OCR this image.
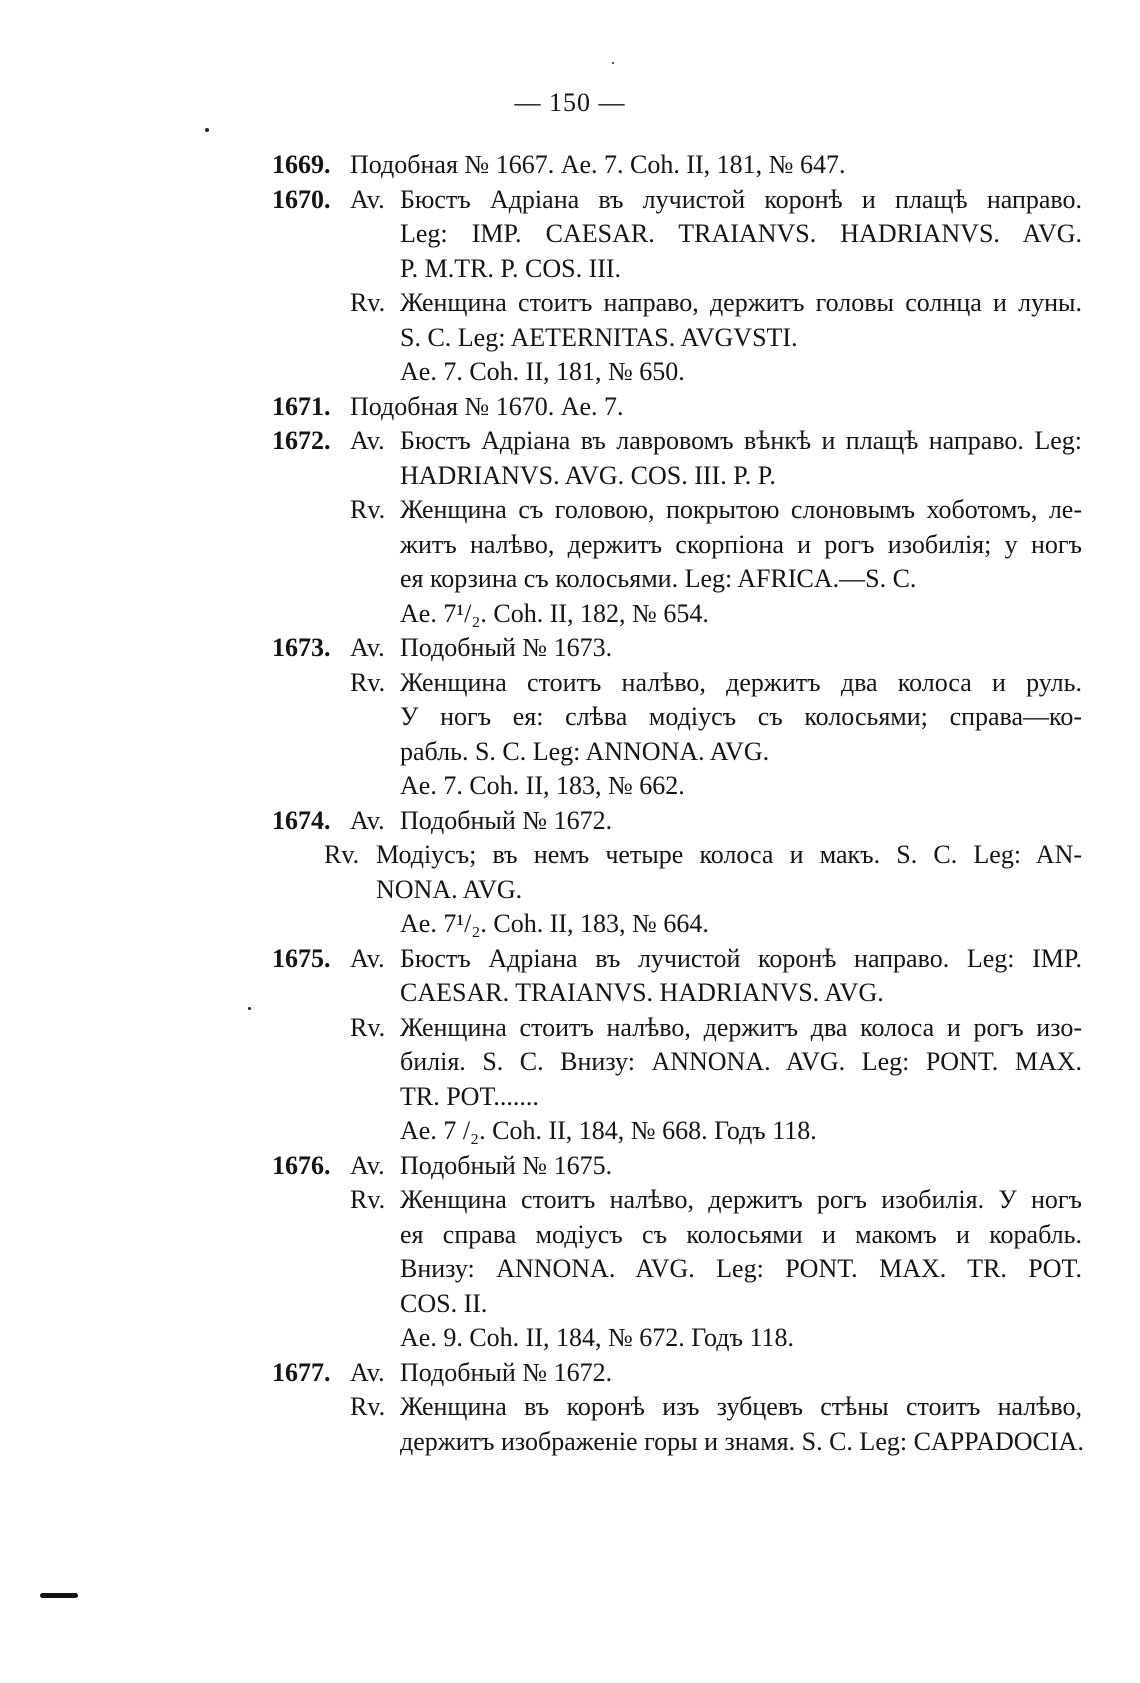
— 150 —
1669. Подобная № 1667. Ae. 7. Coh. II, 181, № 647.
1670. Av. Бюстъ Адріана въ лучистой коронѣ и плащѣ направо.
Leg: IMP. CAESAR. TRAIANVS. HADRIANVS. AVG.
P. M.TR. P. COS. III.
Rv. Женщина стоитъ направо, держитъ головы солнца и луны.
S. C. Leg: AETERNITAS. AVGVSTI.
Ae. 7. Coh. II, 181, № 650.
1671. Подобная № 1670. Ae. 7.
1672. Av. Бюстъ Адріана въ лавровомъ вѣнкѣ и плащѣ направо. Leg:
HADRIANVS. AVG. COS. III. P. P.
Rv. Женщина съ головою, покрытою слоновымъ хоботомъ, ле-
житъ налѣво, держитъ скорпіона и рогъ изобилія; у ногъ
ея корзина съ колосьями. Leg: AFRICA.—S. C.
Ae. 7¹/₂. Coh. II, 182, № 654.
1673. Av. Подобный № 1673.
Rv. Женщина стоитъ налѣво, держитъ два колоса и руль.
У ногъ ея: слѣва модіусъ съ колосьями; справа—ко-
рабль. S. C. Leg: ANNONA. AVG.
Ae. 7. Coh. II, 183, № 662.
1674. Av. Подобный № 1672.
Rv. Модіусъ; въ немъ четыре колоса и макъ. S. C. Leg: AN-
NONA. AVG.
Ae. 7¹/₂. Coh. II, 183, № 664.
1675. Av. Бюстъ Адріана въ лучистой коронѣ направо. Leg: IMP.
CAESAR. TRAIANVS. HADRIANVS. AVG.
Rv. Женщина стоитъ налѣво, держитъ два колоса и рогъ изо-
билія. S. C. Внизу: ANNONA. AVG. Leg: PONT. MAX.
TR. POT.......
Ae. 7 /₂. Coh. II, 184, № 668. Годъ 118.
1676. Av. Подобный № 1675.
Rv. Женщина стоитъ налѣво, держитъ рогъ изобилія. У ногъ
ея справа модіусъ съ колосьями и макомъ и корабль.
Внизу: ANNONA. AVG. Leg: PONT. MAX. TR. POT.
COS. II.
Ae. 9. Coh. II, 184, № 672. Годъ 118.
1677. Av. Подобный № 1672.
Rv. Женщина въ коронѣ изъ зубцевъ стѣны стоитъ налѣво,
держитъ изображеніе горы и знамя. S. C. Leg: CAPPADOCIA.
